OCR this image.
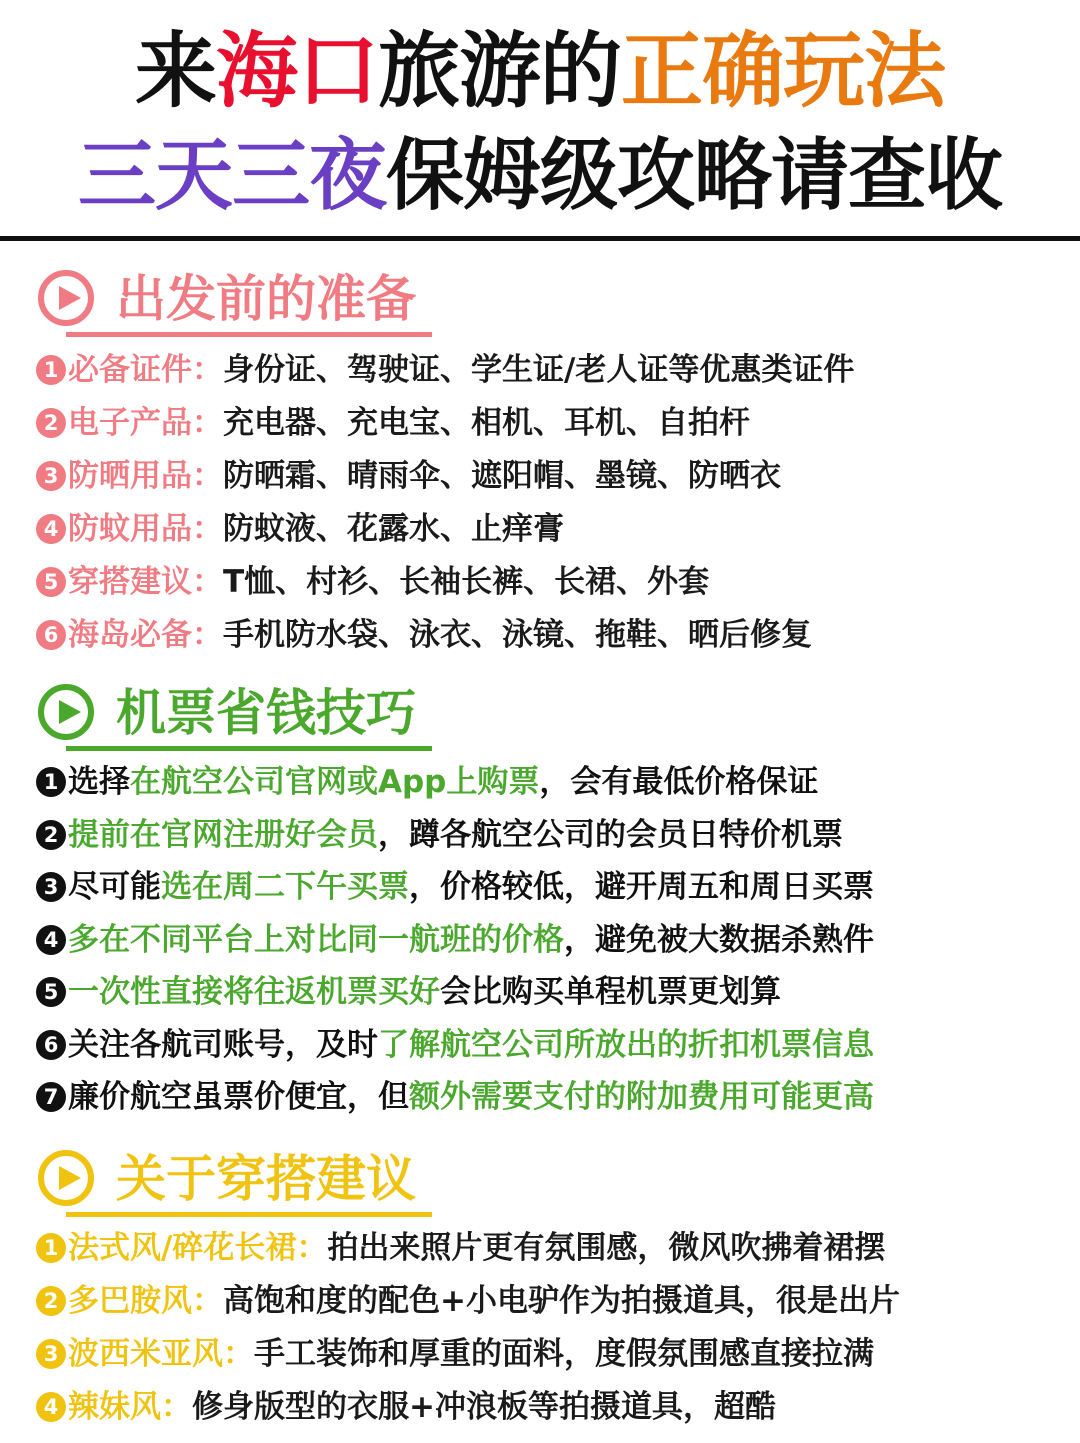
来海口旅游的正确玩法
三天三夜保姆级攻略请查收
出发前的准备
1 必备证件：身份证、驾驶证、学生证/老人证等优惠类证件
2 电子产品：充电器、充电宝、相机、耳机、自拍杆
3 防晒用品：防晒霜、晴雨伞、遮阳帽、墨镜、防晒衣
4 防蚊用品：防蚊液、花露水、止痒膏
5 穿搭建议：T恤、村衫、长袖长裤、长裙、外套
6 海岛必备：手机防水袋、泳衣、泳镜、拖鞋、晒后修复
机票省钱技巧
1 选择在航空公司官网或App上购票，会有最低价格保证
2 提前在官网注册好会员，蹲各航空公司的会员日特价机票
3 尽可能选在周二下午买票，价格较低，避开周五和周日买票
4 多在不同平台上对比同一航班的价格，避免被大数据杀熟件
5 一次性直接将往返机票买好会比购买单程机票更划算
6 关注各航司账号，及时了解航空公司所放出的折扣机票信息
7 廉价航空虽票价便宜，但额外需要支付的附加费用可能更高
关于穿搭建议
1 法式风/碎花长裙：拍出来照片更有氛围感，微风吹拂着裙摆
2 多巴胺风：高饱和度的配色+小电驴作为拍摄道具，很是出片
3 波西米亚风：手工装饰和厚重的面料，度假氛围感直接拉满
4 辣妹风：修身版型的衣服+冲浪板等拍摄道具，超酷
